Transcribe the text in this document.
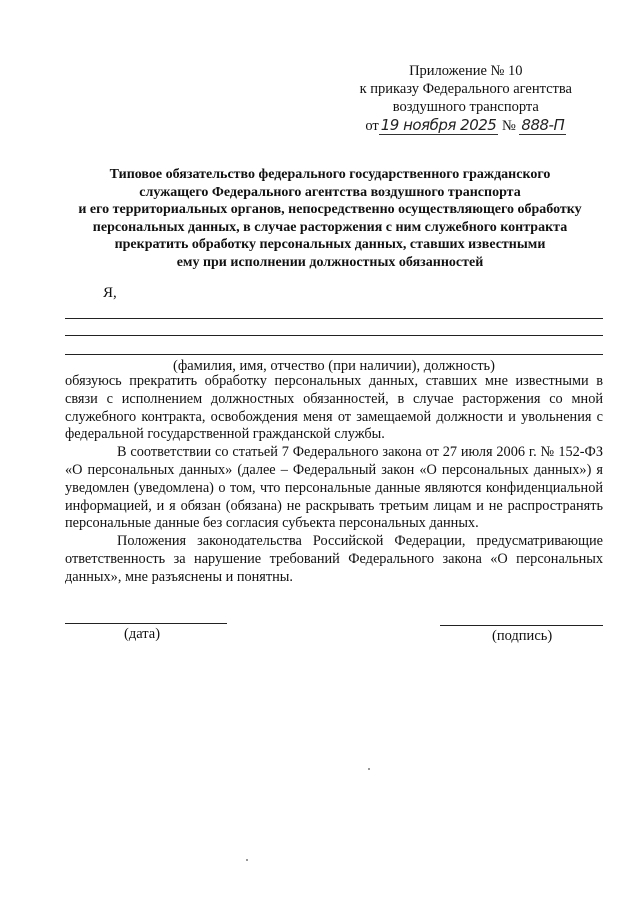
Приложение № 10
к приказу Федерального агентства
воздушного транспорта
от 19 ноября 2025 № 888-П
Типовое обязательство федерального государственного гражданского
служащего Федерального агентства воздушного транспорта
и его территориальных органов, непосредственно осуществляющего обработку
персональных данных, в случае расторжения с ним служебного контракта
прекратить обработку персональных данных, ставших известными
ему при исполнении должностных обязанностей
Я,
(фамилия, имя, отчество (при наличии), должность)

обязуюсь прекратить обработку персональных данных, ставших мне известными в связи с исполнением должностных обязанностей, в случае расторжения со мной служебного контракта, освобождения меня от замещаемой должности и увольнения с федеральной государственной гражданской службы.

В соответствии со статьей 7 Федерального закона от 27 июля 2006 г. № 152-ФЗ «О персональных данных» (далее – Федеральный закон «О персональных данных») я уведомлен (уведомлена) о том, что персональные данные являются конфиденциальной информацией, и я обязан (обязана) не раскрывать третьим лицам и не распространять персональные данные без согласия субъекта персональных данных.

Положения законодательства Российской Федерации, предусматривающие ответственность за нарушение требований Федерального закона «О персональных данных», мне разъяснены и понятны.

(дата)	(подпись)
